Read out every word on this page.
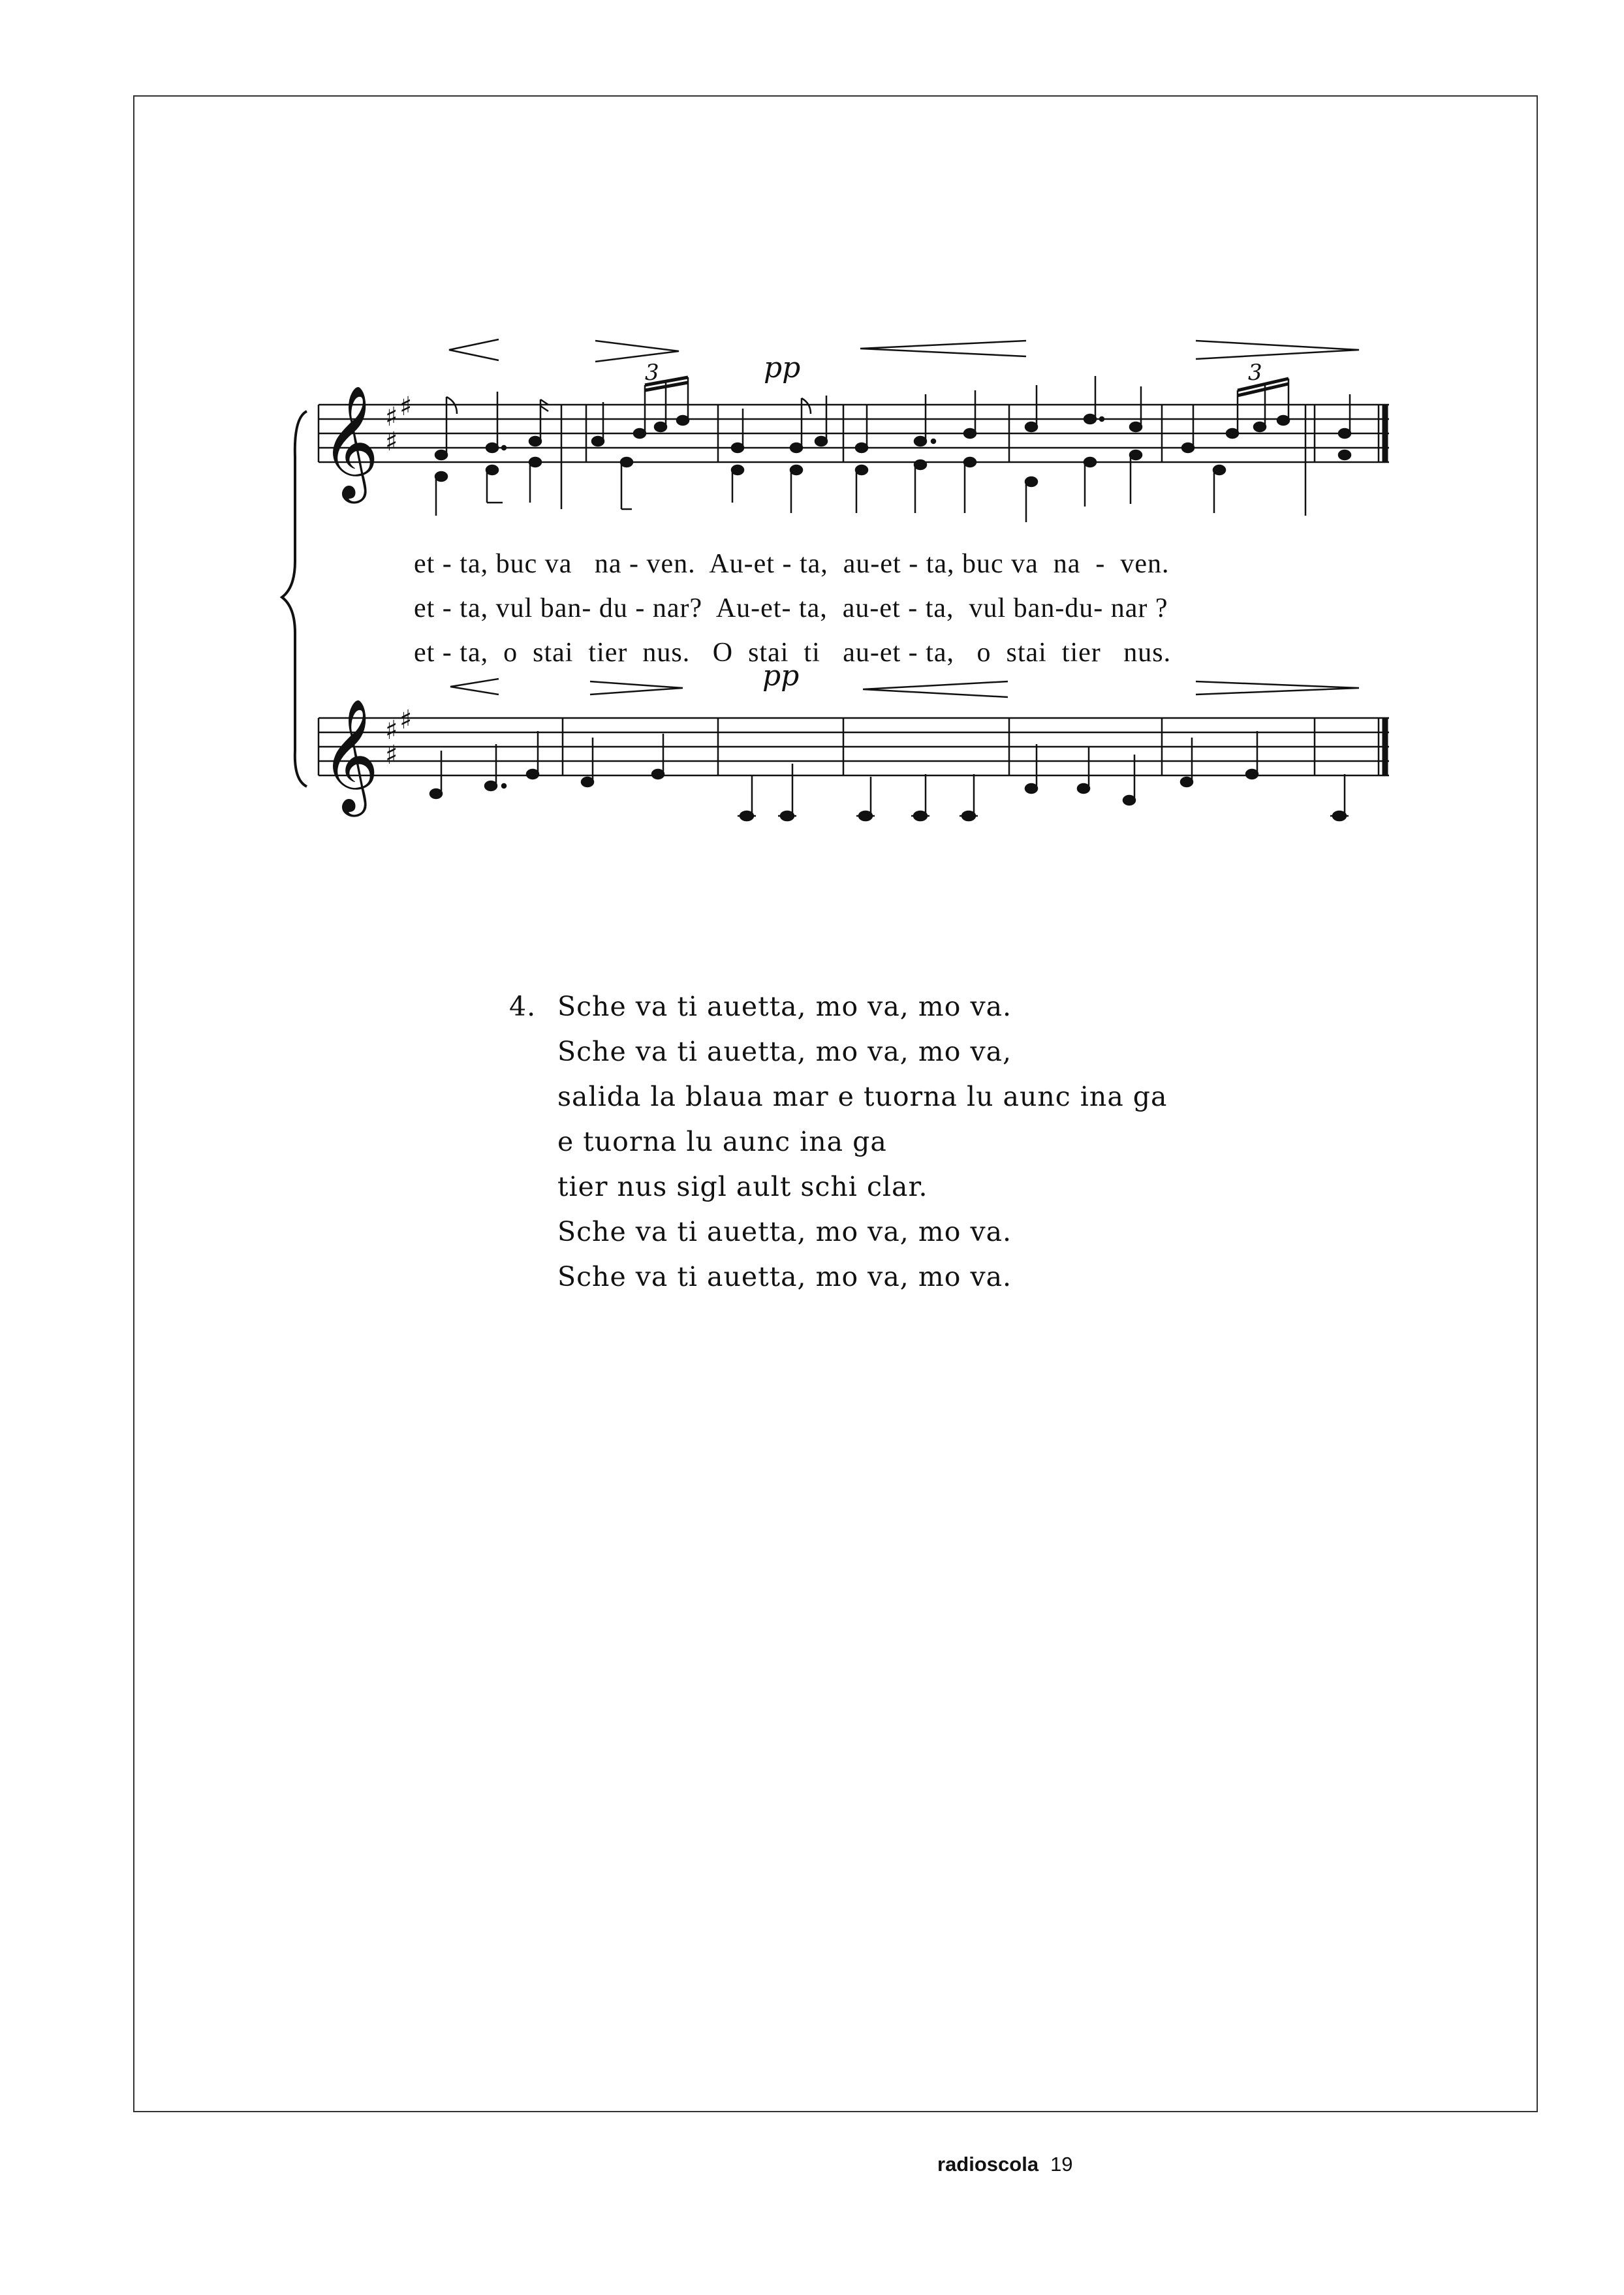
𝄞
𝄞
♯ ♯
♯
♯ ♯
♯
pp
pp
3	3
et - ta, buc va   na - ven.  Au-et - ta,  au-et - ta, buc va  na  -  ven.
et - ta, vul ban- du - nar?  Au-et- ta,  au-et - ta,  vul ban-du- nar ?
et - ta,  o  stai  tier  nus.   O  stai  ti   au-et - ta,   o  stai  tier   nus.
4. Sche va ti auetta, mo va, mo va.
Sche va ti auetta, mo va, mo va,
salida la blaua mar e tuorna lu aunc ina ga
e tuorna lu aunc ina ga
tier nus sigl ault schi clar.
Sche va ti auetta, mo va, mo va.
Sche va ti auetta, mo va, mo va.
radioscola 19
